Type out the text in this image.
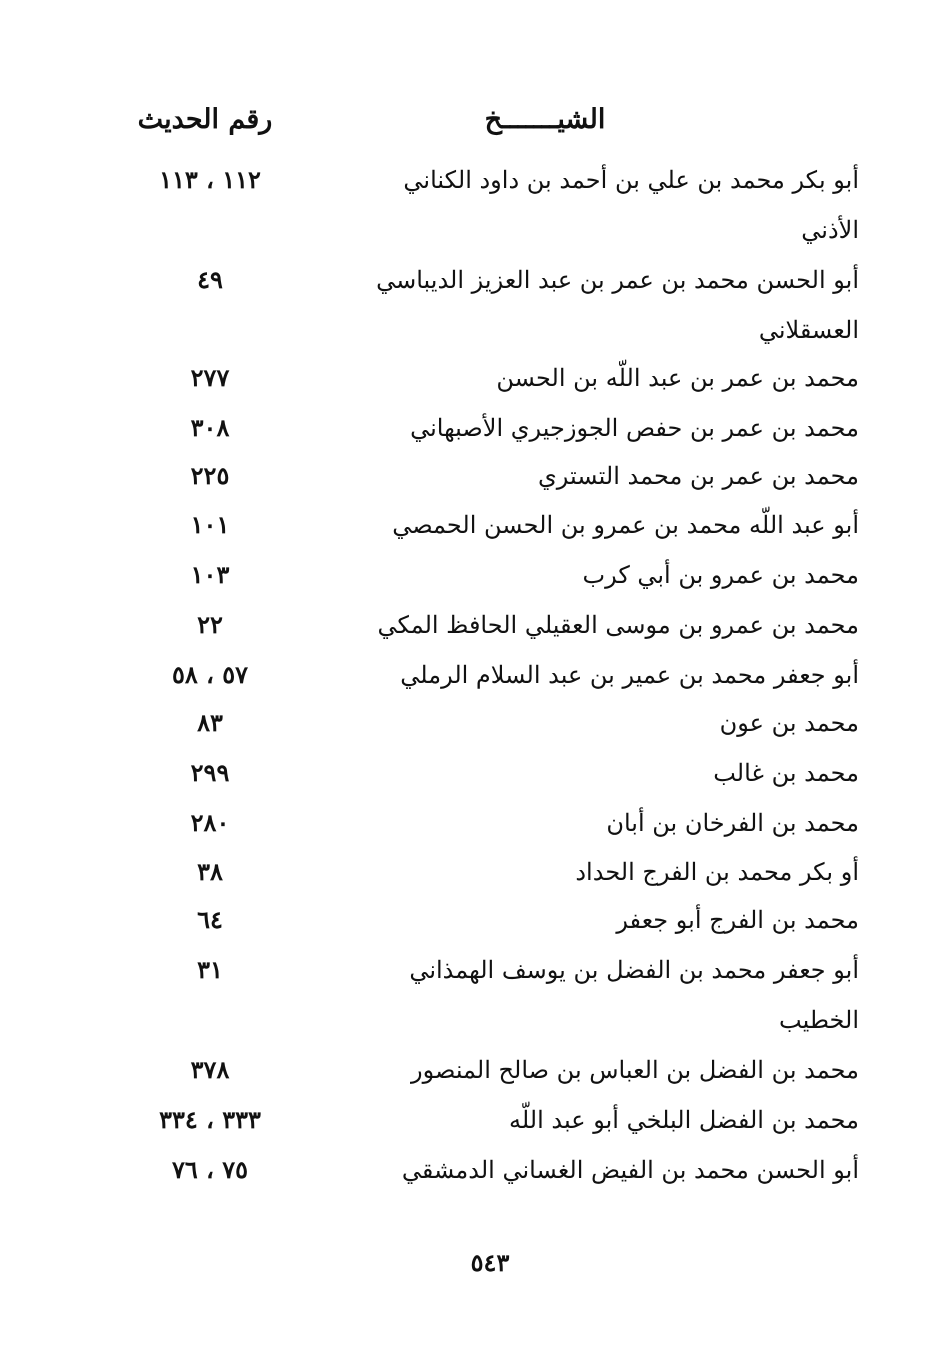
الشيـــــــخ
رقم الحديث
أبو بكر محمد بن علي بن أحمد بن داود الكناني
١١٢ ، ١١٣
الأذني
أبو الحسن محمد بن عمر بن عبد العزيز الديباسي
٤٩
العسقلاني
محمد بن عمر بن عبد اللّه بن الحسن
٢٧٧
محمد بن عمر بن حفص الجوزجيري الأصبهاني
٣٠٨
محمد بن عمر بن محمد التستري
٢٢٥
أبو عبد اللّه محمد بن عمرو بن الحسن الحمصي
١٠١
محمد بن عمرو بن أبي كرب
١٠٣
محمد بن عمرو بن موسى العقيلي الحافظ المكي
٢٢
أبو جعفر محمد بن عمير بن عبد السلام الرملي
٥٧ ، ٥٨
محمد بن عون
٨٣
محمد بن غالب
٢٩٩
محمد بن الفرخان بن أبان
٢٨٠
أو بكر محمد بن الفرج الحداد
٣٨
محمد بن الفرج أبو جعفر
٦٤
أبو جعفر محمد بن الفضل بن يوسف الهمذاني
٣١
الخطيب
محمد بن الفضل بن العباس بن صالح المنصور
٣٧٨
محمد بن الفضل البلخي أبو عبد اللّه
٣٣٣ ، ٣٣٤
أبو الحسن محمد بن الفيض الغساني الدمشقي
٧٥ ، ٧٦
٥٤٣
